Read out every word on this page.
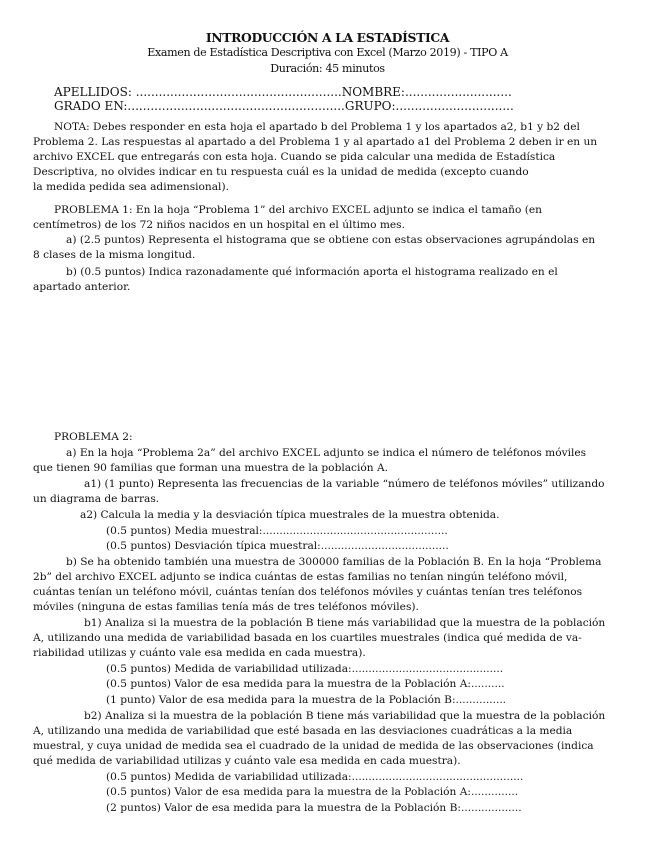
INTRODUCCIÓN A LA ESTADÍSTICA
Examen de Estadística Descriptiva con Excel (Marzo 2019) - TIPO A
Duración: 45 minutos
APELLIDOS: ......................................................NOMBRE:............................
GRADO EN:.........................................................GRUPO:...............................
NOTA: Debes responder en esta hoja el apartado b del Problema 1 y los apartados a2, b1 y b2 del
Problema 2. Las respuestas al apartado a del Problema 1 y al apartado a1 del Problema 2 deben ir en un
archivo EXCEL que entregarás con esta hoja. Cuando se pida calcular una medida de Estadística
Descriptiva, no olvides indicar en tu respuesta cuál es la unidad de medida (excepto cuando
la medida pedida sea adimensional).
PROBLEMA 1: En la hoja “Problema 1” del archivo EXCEL adjunto se indica el tamaño (en
centímetros) de los 72 niños nacidos en un hospital en el último mes.
a) (2.5 puntos) Representa el histograma que se obtiene con estas observaciones agrupándolas en
8 clases de la misma longitud.
b) (0.5 puntos) Indica razonadamente qué información aporta el histograma realizado en el
apartado anterior.
PROBLEMA 2:
a) En la hoja “Problema 2a” del archivo EXCEL adjunto se indica el número de teléfonos móviles
que tienen 90 familias que forman una muestra de la población A.
a1) (1 punto) Representa las frecuencias de la variable “número de teléfonos móviles” utilizando
un diagrama de barras.
a2) Calcula la media y la desviación típica muestrales de la muestra obtenida.
(0.5 puntos) Media muestral:.......................................................
(0.5 puntos) Desviación típica muestral:......................................
b) Se ha obtenido también una muestra de 300000 familias de la Población B. En la hoja “Problema
2b” del archivo EXCEL adjunto se indica cuántas de estas familias no tenían ningún teléfono móvil,
cuántas tenían un teléfono móvil, cuántas tenían dos teléfonos móviles y cuántas tenían tres teléfonos
móviles (ninguna de estas familias tenía más de tres teléfonos móviles).
b1) Analiza si la muestra de la población B tiene más variabilidad que la muestra de la población
A, utilizando una medida de variabilidad basada en los cuartiles muestrales (indica qué medida de va-
riabilidad utilizas y cuánto vale esa medida en cada muestra).
(0.5 puntos) Medida de variabilidad utilizada:.............................................
(0.5 puntos) Valor de esa medida para la muestra de la Población A:..........
(1 punto) Valor de esa medida para la muestra de la Población B:...............
b2) Analiza si la muestra de la población B tiene más variabilidad que la muestra de la población
A, utilizando una medida de variabilidad que esté basada en las desviaciones cuadráticas a la media
muestral, y cuya unidad de medida sea el cuadrado de la unidad de medida de las observaciones (indica
qué medida de variabilidad utilizas y cuánto vale esa medida en cada muestra).
(0.5 puntos) Medida de variabilidad utilizada:...................................................
(0.5 puntos) Valor de esa medida para la muestra de la Población A:..............
(2 puntos) Valor de esa medida para la muestra de la Población B:..................
